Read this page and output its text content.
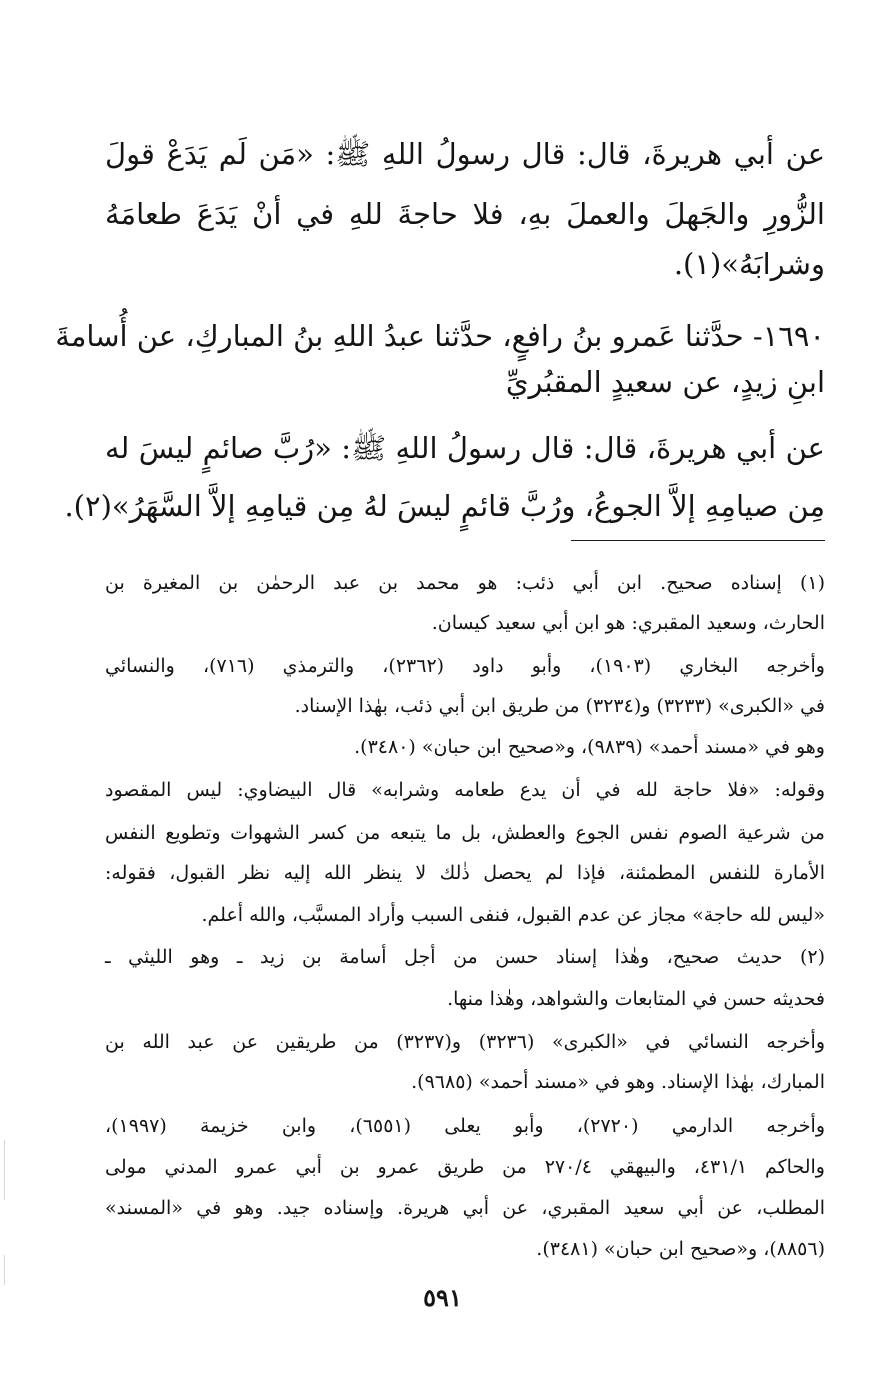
عن أبي هريرةَ، قال: قال رسولُ اللهِ ﷺ: «مَن لَم يَدَعْ قولَ
الزُّورِ والجَهلَ والعملَ بهِ، فلا حاجةَ للهِ في أنْ يَدَعَ طعامَهُ
وشرابَهُ»(١).
١٦٩٠- حدَّثنا عَمرو بنُ رافعٍ، حدَّثنا عبدُ اللهِ بنُ المباركِ، عن أُسامةَ
ابنِ زيدٍ، عن سعيدٍ المقبُريِّ
عن أبي هريرةَ، قال: قال رسولُ اللهِ ﷺ: «رُبَّ صائمٍ ليسَ له
مِن صيامِهِ إلاَّ الجوعُ، ورُبَّ قائمٍ ليسَ لهُ مِن قيامِهِ إلاَّ السَّهَرُ»(٢).
(١) إسناده صحيح. ابن أبي ذئب: هو محمد بن عبد الرحمٰن بن المغيرة بن
الحارث، وسعيد المقبري: هو ابن أبي سعيد كيسان.
وأخرجه البخاري (١٩٠٣)، وأبو داود (٢٣٦٢)، والترمذي (٧١٦)، والنسائي
في «الكبرى» (٣٢٣٣) و(٣٢٣٤) من طريق ابن أبي ذئب، بهٰذا الإسناد.
وهو في «مسند أحمد» (٩٨٣٩)، و«صحيح ابن حبان» (٣٤٨٠).
وقوله: «فلا حاجة لله في أن يدع طعامه وشرابه» قال البيضاوي: ليس المقصود
من شرعية الصوم نفس الجوع والعطش، بل ما يتبعه من كسر الشهوات وتطويع النفس
الأمارة للنفس المطمئنة، فإذا لم يحصل ذٰلك لا ينظر الله إليه نظر القبول، فقوله:
«ليس لله حاجة» مجاز عن عدم القبول، فنفى السبب وأراد المسبَّب، والله أعلم.
(٢) حديث صحيح، وهٰذا إسناد حسن من أجل أسامة بن زيد ـ وهو الليثي ـ
فحديثه حسن في المتابعات والشواهد، وهٰذا منها.
وأخرجه النسائي في «الكبرى» (٣٢٣٦) و(٣٢٣٧) من طريقين عن عبد الله بن
المبارك، بهٰذا الإسناد. وهو في «مسند أحمد» (٩٦٨٥).
وأخرجه الدارمي (٢٧٢٠)، وأبو يعلى (٦٥٥١)، وابن خزيمة (١٩٩٧)،
والحاكم ٤٣١/١، والبيهقي ٢٧٠/٤ من طريق عمرو بن أبي عمرو المدني مولى
المطلب، عن أبي سعيد المقبري، عن أبي هريرة. وإسناده جيد. وهو في «المسند»
(٨٨٥٦)، و«صحيح ابن حبان» (٣٤٨١).
٥٩١
